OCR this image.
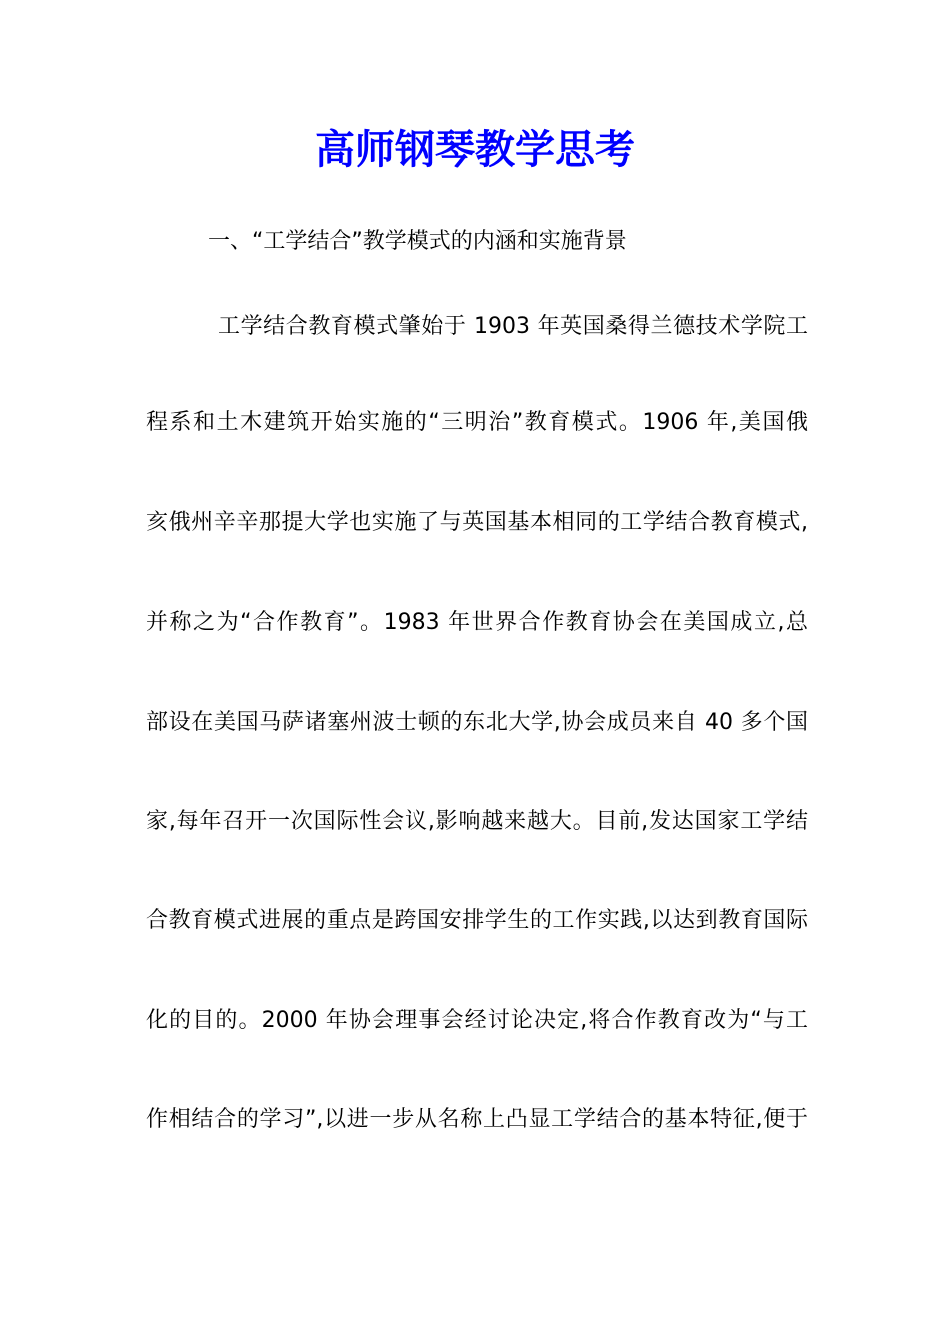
高师钢琴教学思考

一、“工学结合”教学模式的内涵和实施背景

工学结合教育模式肇始于 1903 年英国桑得兰德技术学院工
程系和土木建筑开始实施的“三明治”教育模式。1906 年,美国俄
亥俄州辛辛那提大学也实施了与英国基本相同的工学结合教育模式,
并称之为“合作教育”。1983 年世界合作教育协会在美国成立,总
部设在美国马萨诸塞州波士顿的东北大学,协会成员来自 40 多个国
家,每年召开一次国际性会议,影响越来越大。目前,发达国家工学结
合教育模式进展的重点是跨国安排学生的工作实践,以达到教育国际
化的目的。2000 年协会理事会经讨论决定,将合作教育改为“与工
作相结合的学习”,以进一步从名称上凸显工学结合的基本特征,便于
